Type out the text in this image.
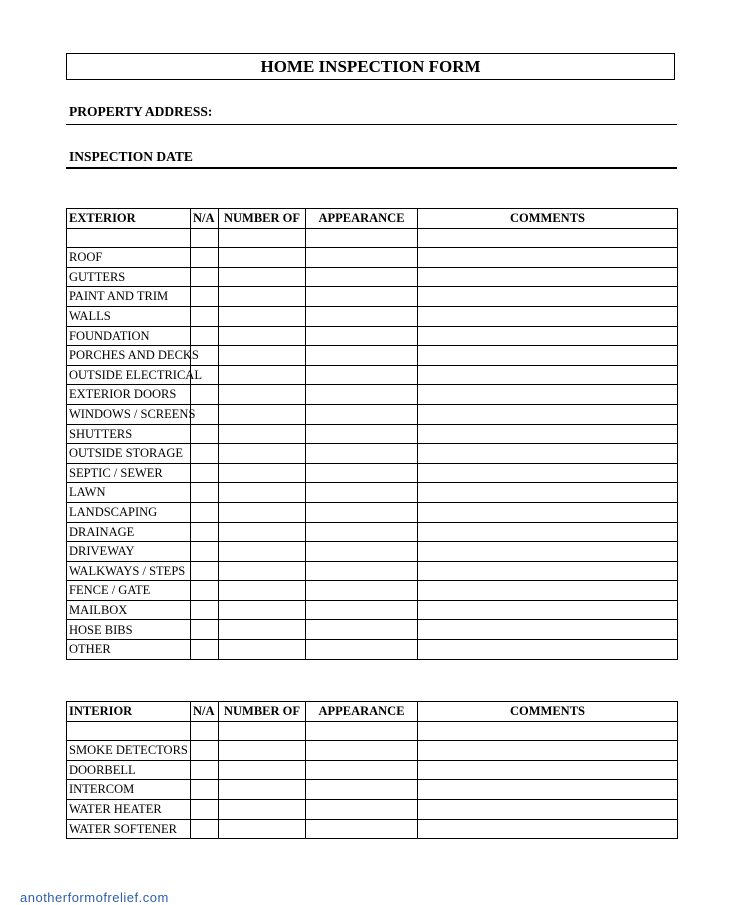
HOME INSPECTION FORM
PROPERTY ADDRESS:
INSPECTION DATE
EXTERIOR	N/A	NUMBER OF	APPEARANCE	COMMENTS

ROOF				
GUTTERS				
PAINT AND TRIM				
WALLS				
FOUNDATION				
PORCHES AND DECKS				
OUTSIDE ELECTRICAL				
EXTERIOR DOORS				
WINDOWS / SCREENS				
SHUTTERS				
OUTSIDE STORAGE				
SEPTIC / SEWER				
LAWN				
LANDSCAPING				
DRAINAGE				
DRIVEWAY				
WALKWAYS / STEPS				
FENCE / GATE				
MAILBOX				
HOSE BIBS				
OTHER				
INTERIOR	N/A	NUMBER OF	APPEARANCE	COMMENTS

SMOKE DETECTORS				
DOORBELL				
INTERCOM				
WATER HEATER				
WATER SOFTENER				
anotherformofrelief.com
